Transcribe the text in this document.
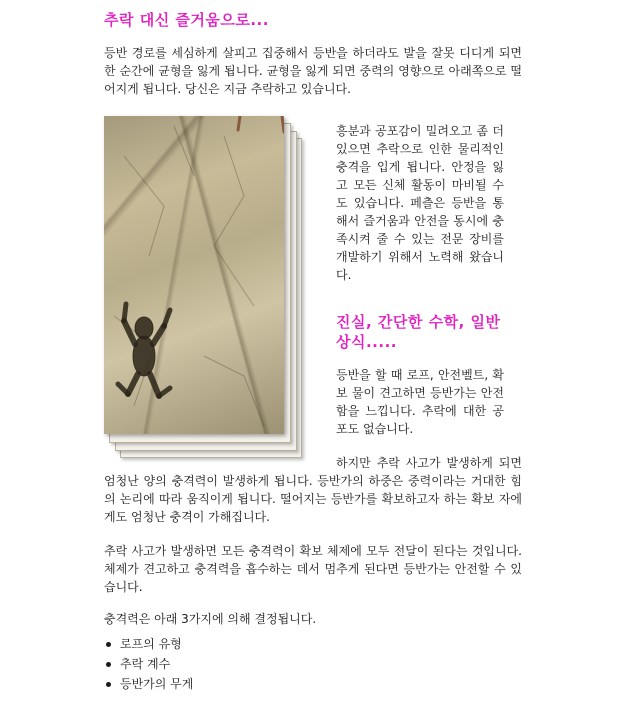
추락 대신 즐거움으로...

등반 경로를 세심하게 살피고 집중해서 등반을 하더라도 발을 잘못 디디게 되면 한 순간에 균형을 잃게 됩니다. 균형을 잃게 되면 중력의 영향으로 아래쪽으로 떨어지게 됩니다. 당신은 지금 추락하고 있습니다.

흥분과 공포감이 밀려오고 좀 더 있으면 추락으로 인한 물리적인 충격을 입게 됩니다. 안정을 잃고 모든 신체 활동이 마비될 수 도 있습니다. 페츨은 등반을 통해서 즐거움과 안전을 동시에 충족시켜 줄 수 있는 전문 장비를 개발하기 위해서 노력해 왔습니다.

진실, 간단한 수학, 일반 상식.....

등반을 할 때 로프, 안전벨트, 확보 물이 견고하면 등반가는 안전함을 느낍니다. 추락에 대한 공포도 없습니다.

하지만 추락 사고가 발생하게 되면 엄청난 양의 충격력이 발생하게 됩니다. 등반가의 하중은 중력이라는 거대한 힘의 논리에 따라 움직이게 됩니다. 떨어지는 등반가를 확보하고자 하는 확보 자에게도 엄청난 충격이 가해집니다.

추락 사고가 발생하면 모든 충격력이 확보 체제에 모두 전달이 된다는 것입니다. 체제가 견고하고 충격력을 흡수하는 데서 멈추게 된다면 등반가는 안전할 수 있습니다.

충격력은 아래 3가지에 의해 결정됩니다.

로프의 유형
추락 계수
등반가의 무게
